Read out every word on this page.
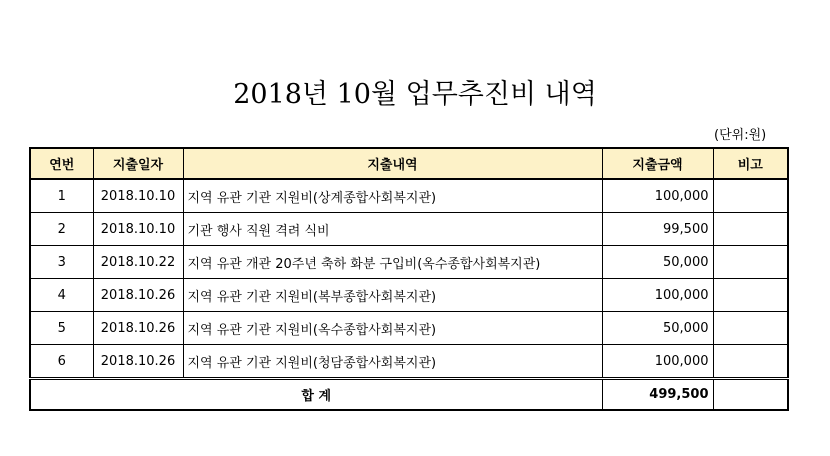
2018년 10월 업무추진비 내역
(단위:원)
연번	지출일자	지출내역	지출금액	비고
1	2018.10.10	지역 유관 기관 지원비(상계종합사회복지관)	100,000	
2	2018.10.10	기관 행사 직원 격려 식비	99,500	
3	2018.10.22	지역 유관 개관 20주년 축하 화분 구입비(옥수종합사회복지관)	50,000	
4	2018.10.26	지역 유관 기관 지원비(복부종합사회복지관)	100,000	
5	2018.10.26	지역 유관 기관 지원비(옥수종합사회복지관)	50,000	
6	2018.10.26	지역 유관 기관 지원비(청담종합사회복지관)	100,000	
합 계			499,500	
